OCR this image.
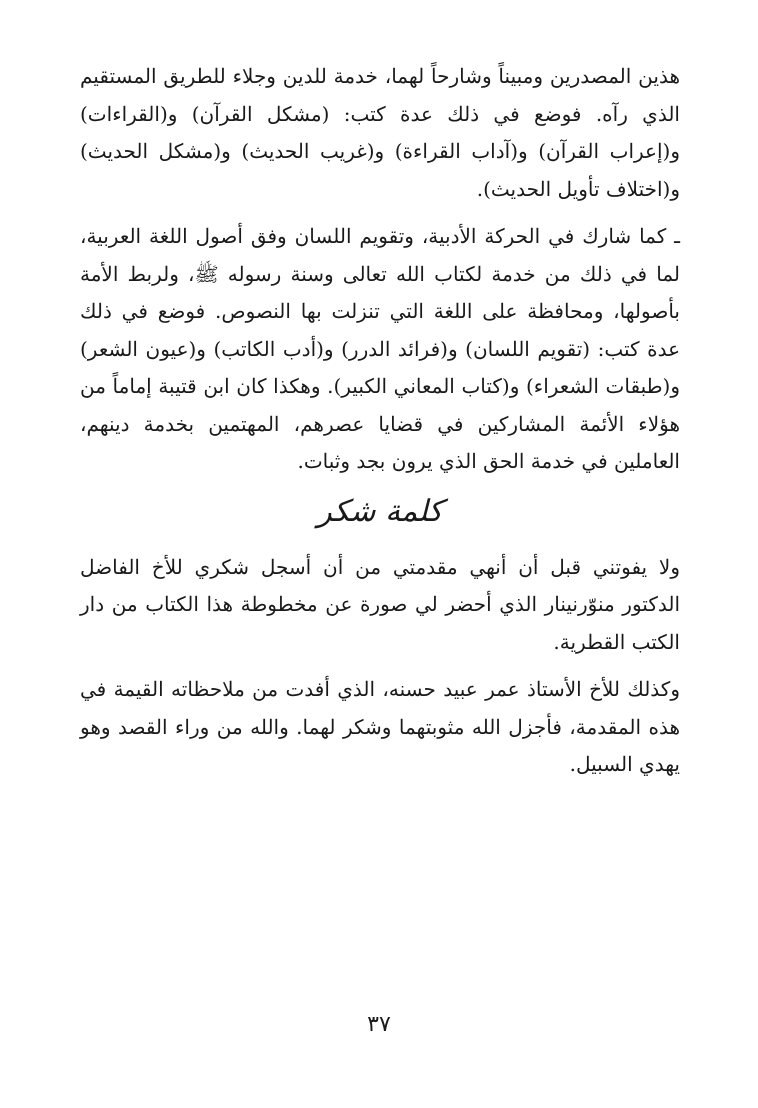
هذين المصدرين ومبيناً وشارحاً لهما، خدمة للدين وجلاء للطريق المستقيم الذي رآه. فوضع في ذلك عدة كتب: (مشكل القرآن) و(القراءات) و(إعراب القرآن) و(آداب القراءة) و(غريب الحديث) و(مشكل الحديث) و(اختلاف تأويل الحديث).

ـ كما شارك في الحركة الأدبية، وتقويم اللسان وفق أصول اللغة العربية، لما في ذلك من خدمة لكتاب الله تعالى وسنة رسوله ﷺ، ولربط الأمة بأصولها، ومحافظة على اللغة التي تنزلت بها النصوص. فوضع في ذلك عدة كتب: (تقويم اللسان) و(فرائد الدرر) و(أدب الكاتب) و(عيون الشعر) و(طبقات الشعراء) و(كتاب المعاني الكبير). وهكذا كان ابن قتيبة إماماً من هؤلاء الأئمة المشاركين في قضايا عصرهم، المهتمين بخدمة دينهم، العاملين في خدمة الحق الذي يرون بجد وثبات.

كلمة شكر

ولا يفوتني قبل أن أنهي مقدمتي من أن أسجل شكري للأخ الفاضل الدكتور منوّرنينار الذي أحضر لي صورة عن مخطوطة هذا الكتاب من دار الكتب القطرية.

وكذلك للأخ الأستاذ عمر عبيد حسنه، الذي أفدت من ملاحظاته القيمة في هذه المقدمة، فأجزل الله مثوبتهما وشكر لهما. والله من وراء القصد وهو يهدي السبيل.

٣٧
